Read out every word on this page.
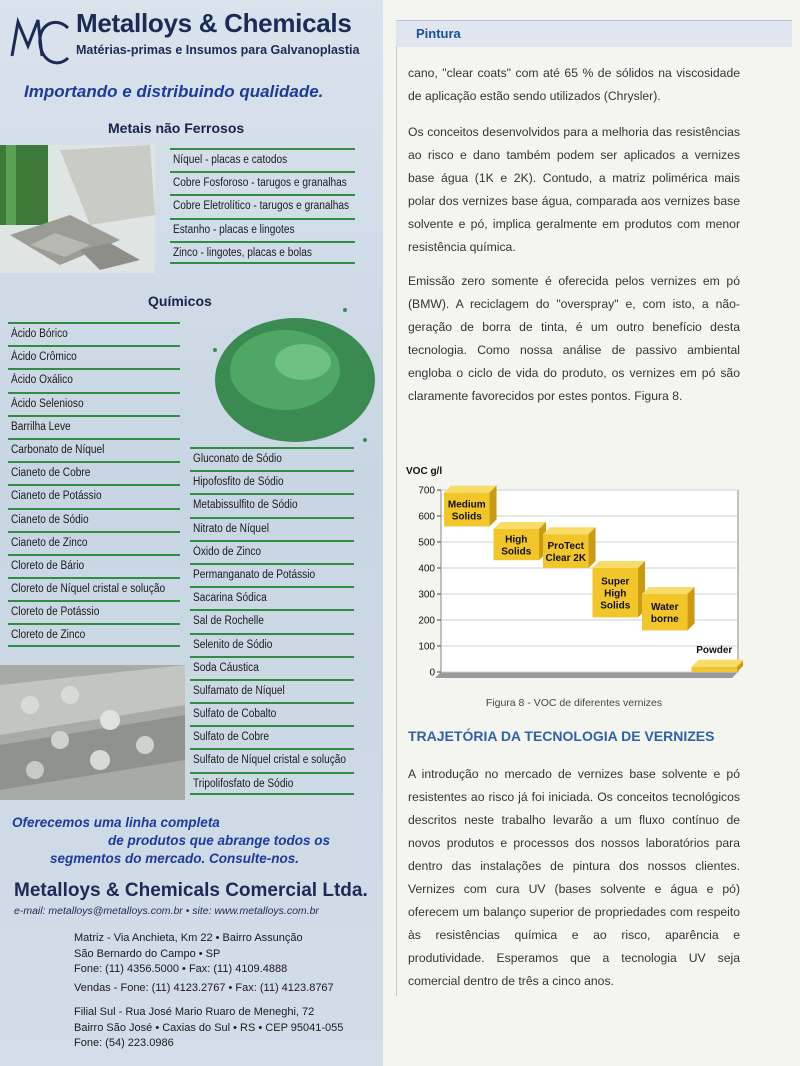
Metalloys & Chemicals
Matérias-primas e Insumos para Galvanoplastia
Importando e distribuindo qualidade.
Metais não Ferrosos
Níquel - placas e catodos
Cobre Fosforoso - tarugos e granalhas
Cobre Eletrolítico - tarugos e granalhas
Estanho - placas e lingotes
Zinco - lingotes, placas e bolas
Químicos
Ácido Bórico
Ácido Crômico
Ácido Oxálico
Ácido Selenioso
Barrilha Leve
Carbonato de Níquel
Cianeto de Cobre
Cianeto de Potássio
Cianeto de Sódio
Cianeto de Zinco
Cloreto de Bário
Cloreto de Níquel cristal e solução
Cloreto de Potássio
Cloreto de Zinco
Gluconato de Sódio
Hipofosfito de Sódio
Metabissulfito de Sódio
Nitrato de Níquel
Óxido de Zinco
Permanganato de Potássio
Sacarina Sódica
Sal de Rochelle
Selenito de Sódio
Soda Cáustica
Sulfamato de Níquel
Sulfato de Cobalto
Sulfato de Cobre
Sulfato de Níquel cristal e solução
Tripolifosfato de Sódio
Oferecemos uma linha completa
de produtos que abrange todos os
segmentos do mercado. Consulte-nos.
Metalloys & Chemicals Comercial Ltda.
e-mail: metalloys@metalloys.com.br • site: www.metalloys.com.br
Matriz - Via Anchieta, Km 22 • Bairro Assunção
São Bernardo do Campo • SP
Fone: (11) 4356.5000 • Fax: (11) 4109.4888
Vendas - Fone: (11) 4123.2767 • Fax: (11) 4123.8767
Filial Sul - Rua José Mario Ruaro de Meneghi, 72
Bairro São José • Caxias do Sul • RS • CEP 95041-055
Fone: (54) 223.0986
Pintura
cano, "clear coats" com até 65 % de sólidos na viscosidade de aplicação estão sendo utilizados (Chrysler).
Os conceitos desenvolvidos para a melhoria das resistências ao risco e dano também podem ser aplicados a vernizes base água (1K e 2K). Contudo, a matriz polimérica mais polar dos vernizes base água, comparada aos vernizes base solvente e pó, implica geralmente em produtos com menor resistência química.
Emissão zero somente é oferecida pelos vernizes em pó (BMW). A reciclagem do "overspray" e, com isto, a não-geração de borra de tinta, é um outro benefício desta tecnologia. Como nossa análise de passivo ambiental engloba o ciclo de vida do produto, os vernizes em pó são claramente favorecidos por estes pontos. Figura 8.
VOC g/l
0
100
200
300
400
500
600
700
Medium
Solids
High
Solids ProTect
Clear 2K
Super
High
Solids Water
borne
Powder
Figura 8 - VOC de diferentes vernizes
TRAJETÓRIA DA TECNOLOGIA DE VERNIZES
A introdução no mercado de vernizes base solvente e pó resistentes ao risco já foi iniciada. Os conceitos tecnológicos descritos neste trabalho levarão a um fluxo contínuo de novos produtos e processos dos nossos laboratórios para dentro das instalações de pintura dos nossos clientes. Vernizes com cura UV (bases solvente e água e pó) oferecem um balanço superior de propriedades com respeito às resistências química e ao risco, aparência e produtividade. Esperamos que a tecnologia UV seja comercial dentro de três a cinco anos.
